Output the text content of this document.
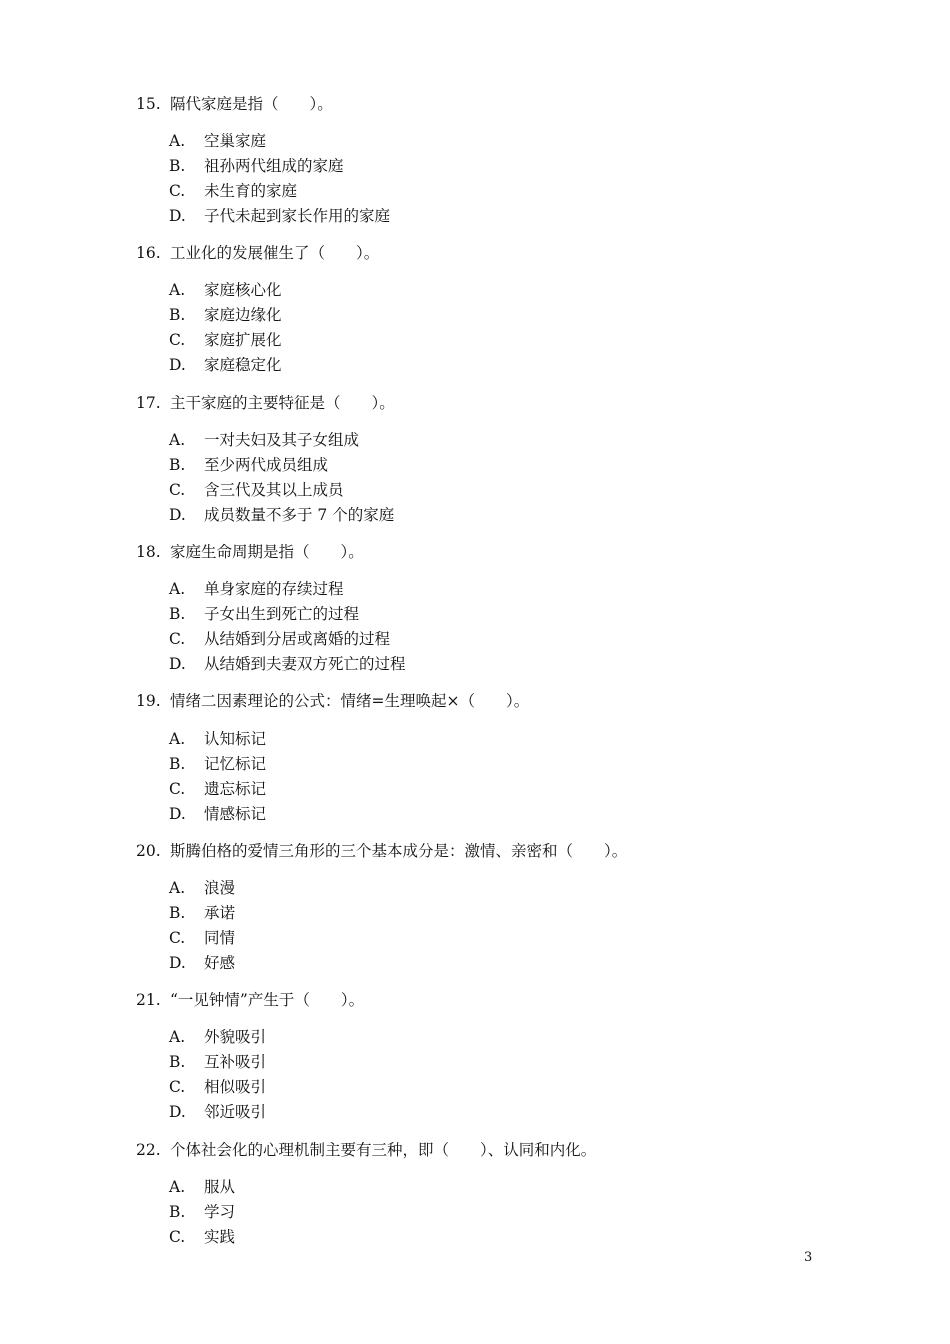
15. 隔代家庭是指（　　）。
A. 空巢家庭
B. 祖孙两代组成的家庭
C. 未生育的家庭
D. 子代未起到家长作用的家庭
16. 工业化的发展催生了（　　）。
A. 家庭核心化
B. 家庭边缘化
C. 家庭扩展化
D. 家庭稳定化
17. 主干家庭的主要特征是（　　）。
A. 一对夫妇及其子女组成
B. 至少两代成员组成
C. 含三代及其以上成员
D. 成员数量不多于 7 个的家庭
18. 家庭生命周期是指（　　）。
A. 单身家庭的存续过程
B. 子女出生到死亡的过程
C. 从结婚到分居或离婚的过程
D. 从结婚到夫妻双方死亡的过程
19. 情绪二因素理论的公式：情绪=生理唤起×（　　）。
A. 认知标记
B. 记忆标记
C. 遗忘标记
D. 情感标记
20. 斯腾伯格的爱情三角形的三个基本成分是：激情、亲密和（　　）。
A. 浪漫
B. 承诺
C. 同情
D. 好感
21. “一见钟情”产生于（　　）。
A. 外貌吸引
B. 互补吸引
C. 相似吸引
D. 邻近吸引
22. 个体社会化的心理机制主要有三种，即（　　）、认同和内化。
A. 服从
B. 学习
C. 实践
3
